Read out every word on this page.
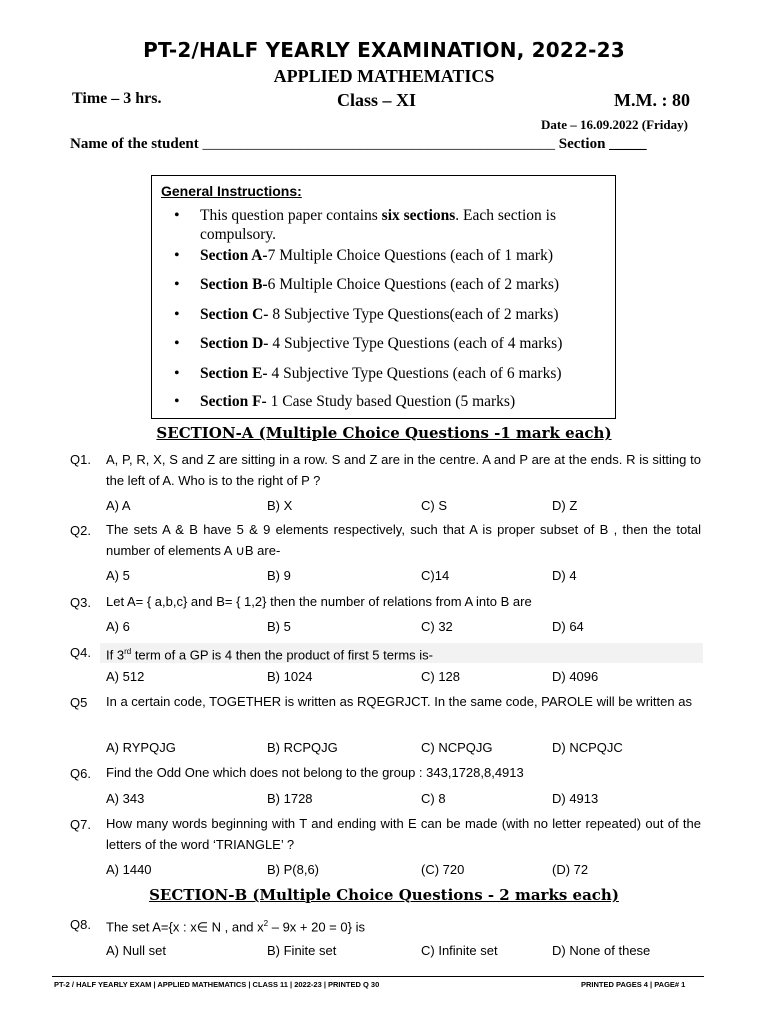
PT-2/HALF YEARLY EXAMINATION, 2022-23
APPLIED MATHEMATICS
Time – 3 hrs.	Class – XI	M.M. : 80
Date – 16.09.2022 (Friday)
Name of the student _______________________________________________ Section _____
General Instructions:
• This question paper contains six sections. Each section is compulsory.
• Section A-7 Multiple Choice Questions (each of 1 mark)
• Section B-6 Multiple Choice Questions (each of 2 marks)
• Section C- 8 Subjective Type Questions(each of 2 marks)
• Section D- 4 Subjective Type Questions (each of 4 marks)
• Section E- 4 Subjective Type Questions (each of 6 marks)
• Section F- 1 Case Study based Question (5 marks)
SECTION-A (Multiple Choice Questions -1 mark each)
Q1. A, P, R, X, S and Z are sitting in a row. S and Z are in the centre. A and P are at the ends. R is sitting to the left of A. Who is to the right of P ?
A) A	B) X	C) S	D) Z
Q2. The sets A & B have 5 & 9 elements respectively, such that A is proper subset of B , then the total number of elements A ∪B are-
A) 5	B) 9	C)14	D) 4
Q3. Let A= { a,b,c} and B= { 1,2} then the number of relations from A into B are
A) 6	B) 5	C) 32	D) 64
Q4. If 3rd term of a GP is 4 then the product of first 5 terms is-
A) 512	B) 1024	C) 128	D) 4096
Q5 In a certain code, TOGETHER is written as RQEGRJCT. In the same code, PAROLE will be written as
A) RYPQJG	B) RCPQJG	C) NCPQJG	D) NCPQJC
Q6. Find the Odd One which does not belong to the group : 343,1728,8,4913
A) 343	B) 1728	C) 8	D) 4913
Q7. How many words beginning with T and ending with E can be made (with no letter repeated) out of the letters of the word ‘TRIANGLE’ ?
A) 1440	B) P(8,6)	(C) 720	(D) 72
SECTION-B (Multiple Choice Questions - 2 marks each)
Q8. The set A={x : x∈ N , and $x^2 - 9x + 20 = 0$} is
A) Null set	B) Finite set	C) Infinite set	D) None of these
PT-2 / HALF YEARLY EXAM | APPLIED MATHEMATICS | CLASS 11 | 2022-23 | PRINTED Q 30	PRINTED PAGES 4 | PAGE# 1
